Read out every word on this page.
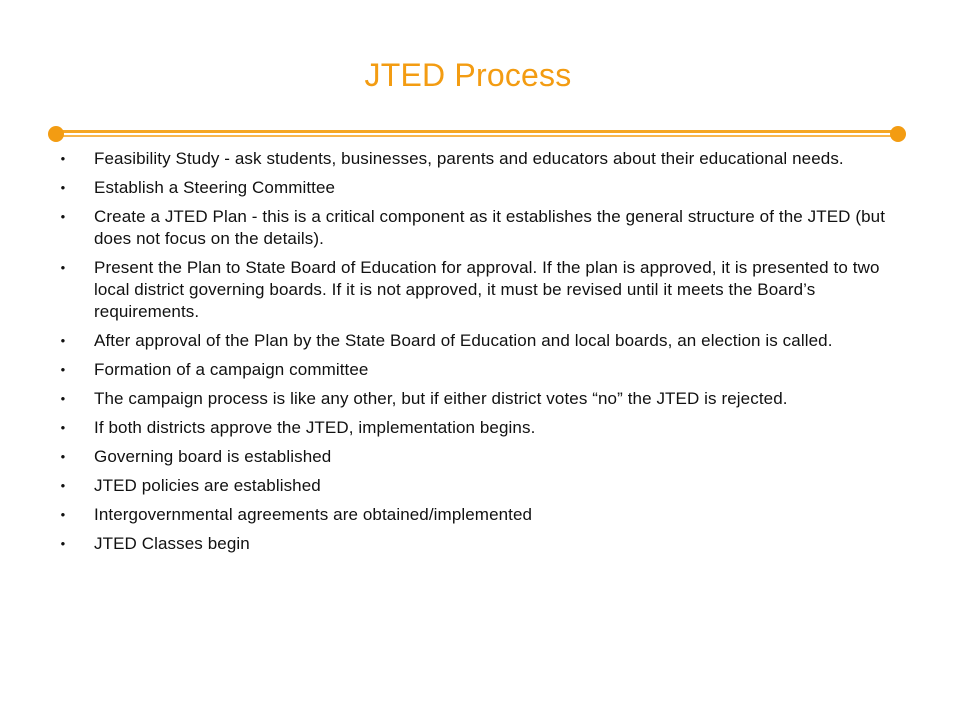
JTED Process
• Feasibility Study - ask students, businesses, parents and educators about their educational needs.
• Establish a Steering Committee
• Create a JTED Plan - this is a critical component as it establishes the general structure of the JTED (but does not focus on the details).
• Present the Plan to State Board of Education for approval. If the plan is approved, it is presented to two local district governing boards. If it is not approved, it must be revised until it meets the Board’s requirements.
• After approval of the Plan by the State Board of Education and local boards, an election is called.
• Formation of a campaign committee
• The campaign process is like any other, but if either district votes “no” the JTED is rejected.
• If both districts approve the JTED, implementation begins.
• Governing board is established
• JTED policies are established
• Intergovernmental agreements are obtained/implemented
• JTED Classes begin
